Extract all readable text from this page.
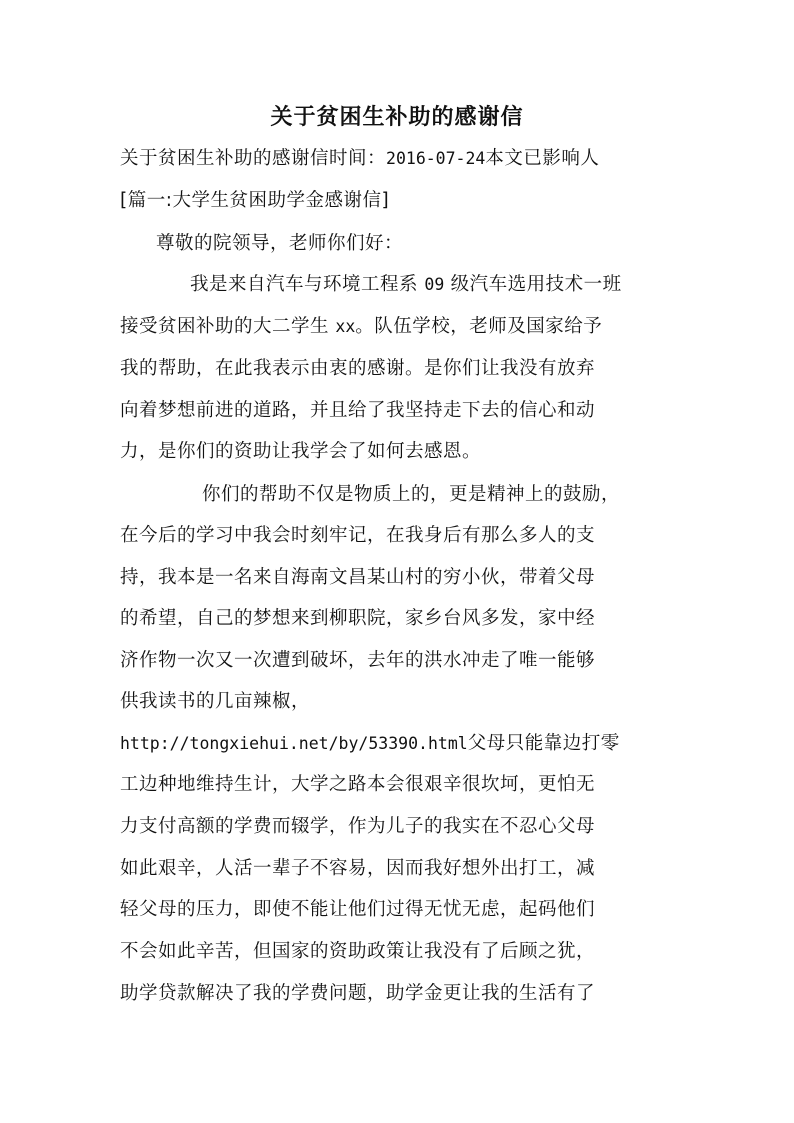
关于贫困生补助的感谢信
关于贫困生补助的感谢信时间：2016-07-24本文已影响人
[篇一:大学生贫困助学金感谢信]
尊敬的院领导，老师你们好：
我是来自汽车与环境工程系 09 级汽车选用技术一班
接受贫困补助的大二学生 xx。队伍学校，老师及国家给予
我的帮助，在此我表示由衷的感谢。是你们让我没有放弃
向着梦想前进的道路，并且给了我坚持走下去的信心和动
力，是你们的资助让我学会了如何去感恩。
你们的帮助不仅是物质上的，更是精神上的鼓励，
在今后的学习中我会时刻牢记，在我身后有那么多人的支
持，我本是一名来自海南文昌某山村的穷小伙，带着父母
的希望，自己的梦想来到柳职院，家乡台风多发，家中经
济作物一次又一次遭到破坏，去年的洪水冲走了唯一能够
供我读书的几亩辣椒，
http://tongxiehui.net/by/53390.html父母只能靠边打零
工边种地维持生计，大学之路本会很艰辛很坎坷，更怕无
力支付高额的学费而辍学，作为儿子的我实在不忍心父母
如此艰辛，人活一辈子不容易，因而我好想外出打工，减
轻父母的压力，即使不能让他们过得无忧无虑，起码他们
不会如此辛苦，但国家的资助政策让我没有了后顾之犹，
助学贷款解决了我的学费问题，助学金更让我的生活有了
